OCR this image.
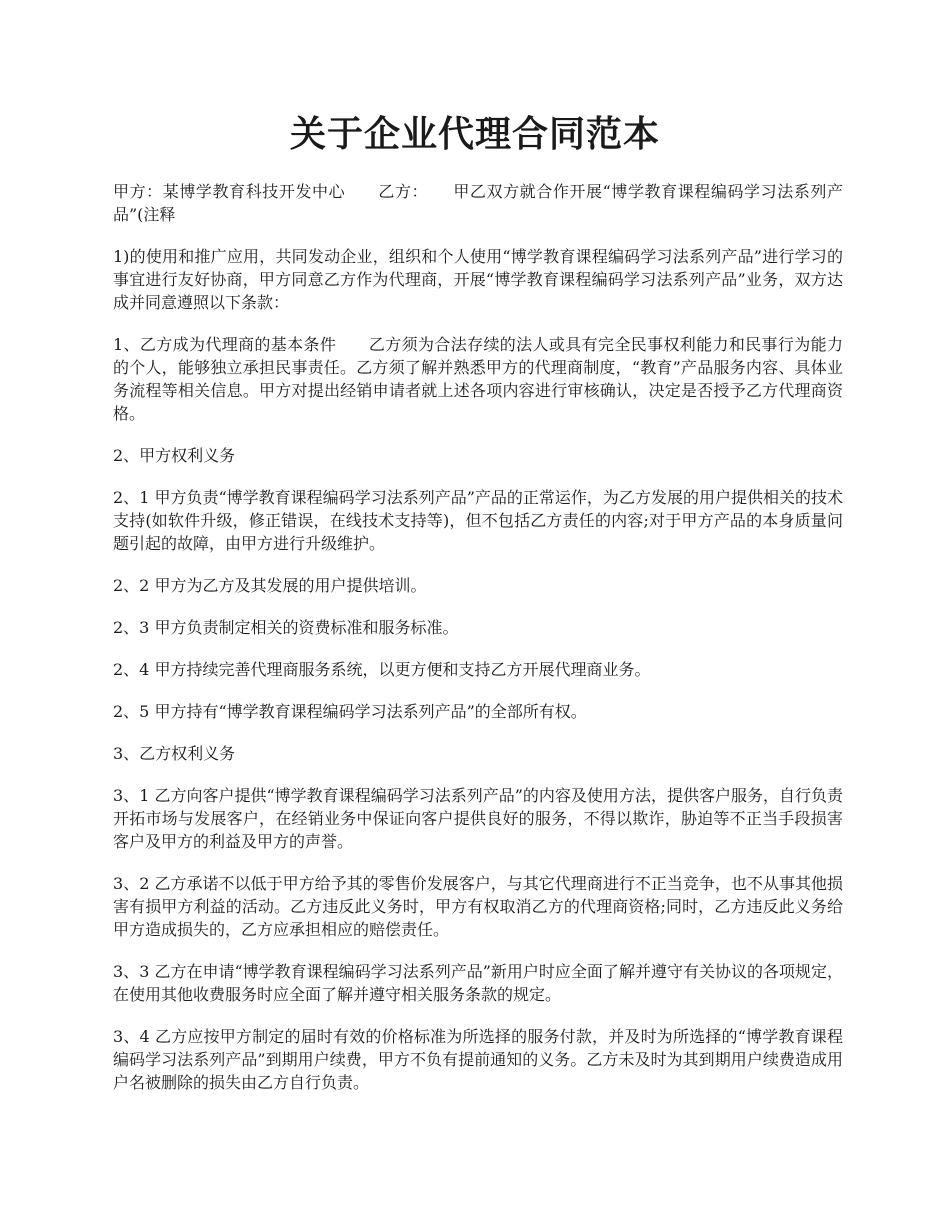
关于企业代理合同范本

甲方：某博学教育科技开发中心　　乙方：　　甲乙双方就合作开展“博学教育课程编码学习法系列产品”(注释

1)的使用和推广应用，共同发动企业，组织和个人使用“博学教育课程编码学习法系列产品”进行学习的事宜进行友好协商，甲方同意乙方作为代理商，开展“博学教育课程编码学习法系列产品”业务，双方达成并同意遵照以下条款：

1、乙方成为代理商的基本条件　　乙方须为合法存续的法人或具有完全民事权利能力和民事行为能力的个人，能够独立承担民事责任。乙方须了解并熟悉甲方的代理商制度，“教育”产品服务内容、具体业务流程等相关信息。甲方对提出经销申请者就上述各项内容进行审核确认，决定是否授予乙方代理商资格。

2、甲方权利义务

2、1 甲方负责“博学教育课程编码学习法系列产品”产品的正常运作，为乙方发展的用户提供相关的技术支持(如软件升级，修正错误，在线技术支持等)，但不包括乙方责任的内容;对于甲方产品的本身质量问题引起的故障，由甲方进行升级维护。

2、2 甲方为乙方及其发展的用户提供培训。

2、3 甲方负责制定相关的资费标准和服务标准。

2、4 甲方持续完善代理商服务系统，以更方便和支持乙方开展代理商业务。

2、5 甲方持有“博学教育课程编码学习法系列产品”的全部所有权。

3、乙方权利义务

3、1 乙方向客户提供“博学教育课程编码学习法系列产品”的内容及使用方法，提供客户服务，自行负责开拓市场与发展客户，在经销业务中保证向客户提供良好的服务，不得以欺诈，胁迫等不正当手段损害客户及甲方的利益及甲方的声誉。

3、2 乙方承诺不以低于甲方给予其的零售价发展客户，与其它代理商进行不正当竞争，也不从事其他损害有损甲方利益的活动。乙方违反此义务时，甲方有权取消乙方的代理商资格;同时，乙方违反此义务给甲方造成损失的，乙方应承担相应的赔偿责任。

3、3 乙方在申请“博学教育课程编码学习法系列产品”新用户时应全面了解并遵守有关协议的各项规定，在使用其他收费服务时应全面了解并遵守相关服务条款的规定。

3、4 乙方应按甲方制定的届时有效的价格标准为所选择的服务付款，并及时为所选择的“博学教育课程编码学习法系列产品”到期用户续费，甲方不负有提前通知的义务。乙方未及时为其到期用户续费造成用户名被删除的损失由乙方自行负责。
